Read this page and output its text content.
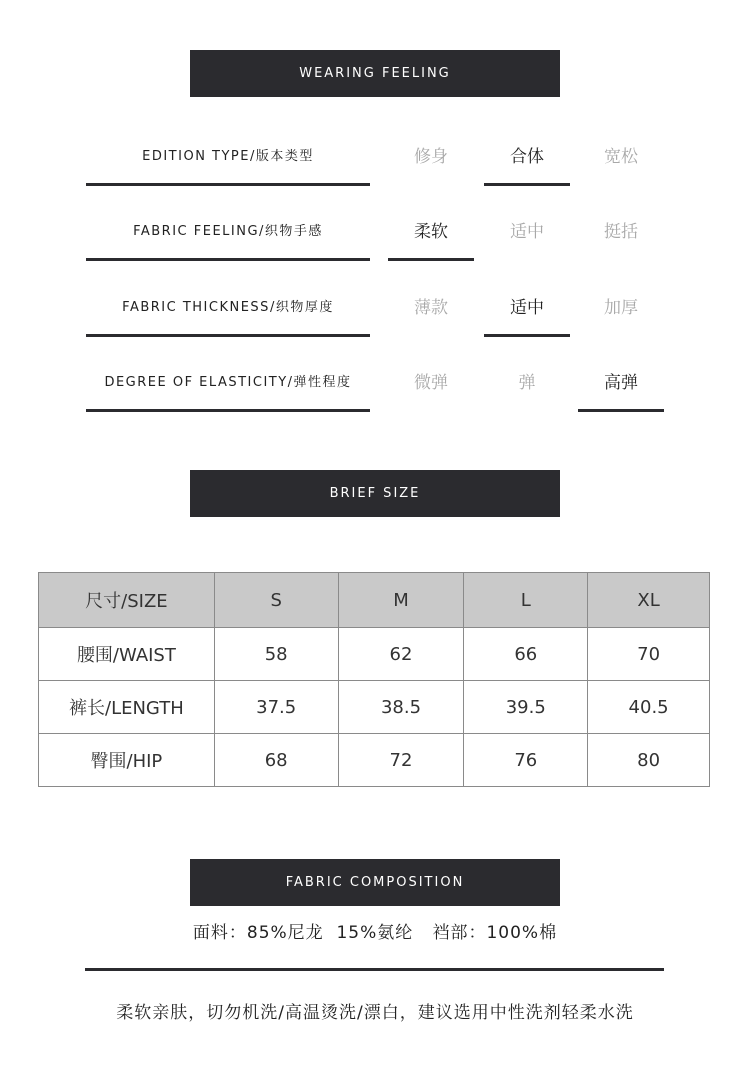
WEARING FEELING
EDITION TYPE/版本类型	修身	合体	宽松
FABRIC FEELING/织物手感	柔软	适中	挺括
FABRIC THICKNESS/织物厚度	薄款	适中	加厚
DEGREE OF ELASTICITY/弹性程度	微弹	弹	高弹
BRIEF SIZE
尺寸/SIZE	S	M	L	XL
腰围/WAIST	58	62	66	70
裤长/LENGTH	37.5	38.5	39.5	40.5
臀围/HIP	68	72	76	80
FABRIC COMPOSITION
面料：85%尼龙  15%氨纶   裆部：100%棉
柔软亲肤，切勿机洗/高温烫洗/漂白，建议选用中性洗剂轻柔水洗
